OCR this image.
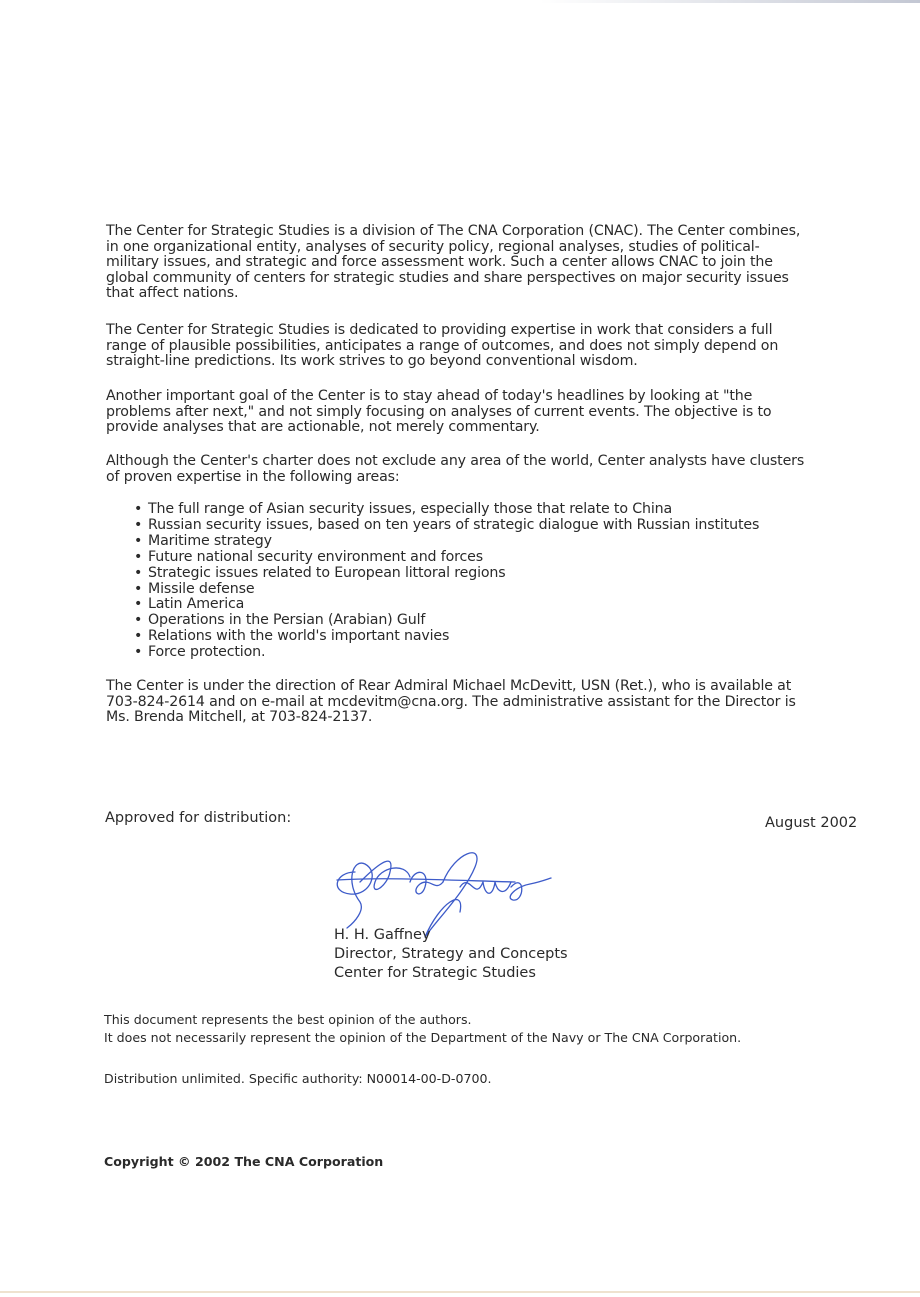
The Center for Strategic Studies is a division of The CNA Corporation (CNAC). The Center combines, in one organizational entity, analyses of security policy, regional analyses, studies of political-military issues, and strategic and force assessment work. Such a center allows CNAC to join the global community of centers for strategic studies and share perspectives on major security issues that affect nations.

The Center for Strategic Studies is dedicated to providing expertise in work that considers a full range of plausible possibilities, anticipates a range of outcomes, and does not simply depend on straight-line predictions. Its work strives to go beyond conventional wisdom.

Another important goal of the Center is to stay ahead of today's headlines by looking at "the problems after next," and not simply focusing on analyses of current events. The objective is to provide analyses that are actionable, not merely commentary.

Although the Center's charter does not exclude any area of the world, Center analysts have clusters of proven expertise in the following areas:

• The full range of Asian security issues, especially those that relate to China
• Russian security issues, based on ten years of strategic dialogue with Russian institutes
• Maritime strategy
• Future national security environment and forces
• Strategic issues related to European littoral regions
• Missile defense
• Latin America
• Operations in the Persian (Arabian) Gulf
• Relations with the world's important navies
• Force protection.

The Center is under the direction of Rear Admiral Michael McDevitt, USN (Ret.), who is available at 703-824-2614 and on e-mail at mcdevitm@cna.org. The administrative assistant for the Director is Ms. Brenda Mitchell, at 703-824-2137.

Approved for distribution:	August 2002
H. H. Gaffney
Director, Strategy and Concepts
Center for Strategic Studies
This document represents the best opinion of the authors.
It does not necessarily represent the opinion of the Department of the Navy or The CNA Corporation.
Distribution unlimited. Specific authority: N00014-00-D-0700.
Copyright © 2002 The CNA Corporation
